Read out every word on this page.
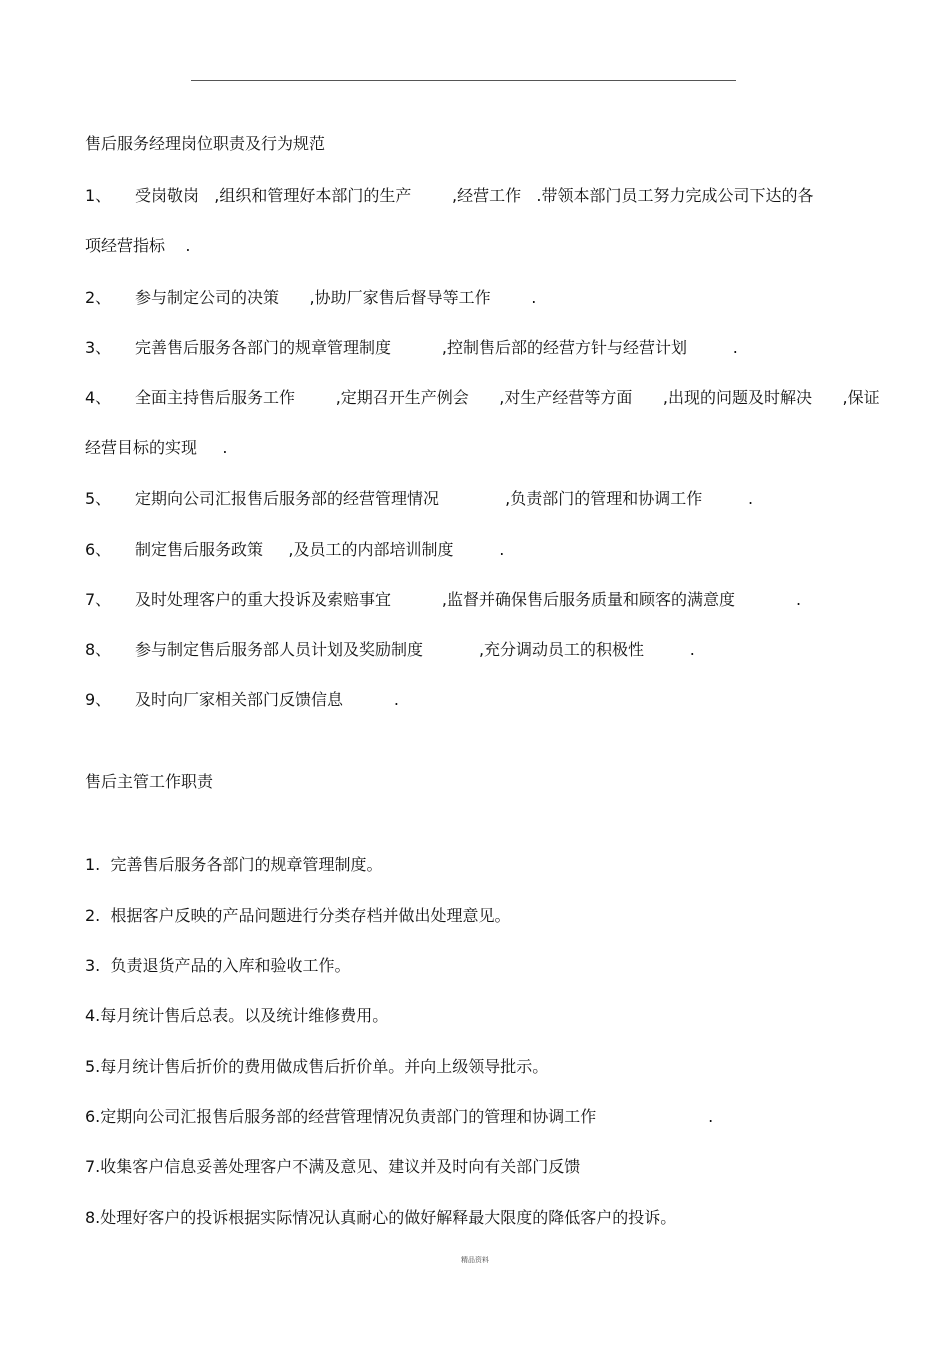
售后服务经理岗位职责及行为规范
1、 受岗敬岗   ,组织和管理好本部门的生产        ,经营工作   .带领本部门员工努力完成公司下达的各
项经营指标    .
2、 参与制定公司的决策      ,协助厂家售后督导等工作        .
3、 完善售后服务各部门的规章管理制度          ,控制售后部的经营方针与经营计划         .
4、 全面主持售后服务工作        ,定期召开生产例会      ,对生产经营等方面      ,出现的问题及时解决      ,保证
经营目标的实现     .
5、 定期向公司汇报售后服务部的经营管理情况             ,负责部门的管理和协调工作         .
6、 制定售后服务政策     ,及员工的内部培训制度         .
7、 及时处理客户的重大投诉及索赔事宜          ,监督并确保售后服务质量和顾客的满意度            .
8、 参与制定售后服务部人员计划及奖励制度           ,充分调动员工的积极性         .
9、 及时向厂家相关部门反馈信息          .
售后主管工作职责
1.  完善售后服务各部门的规章管理制度。
2.  根据客户反映的产品问题进行分类存档并做出处理意见。
3.  负责退货产品的入库和验收工作。
4.每月统计售后总表。以及统计维修费用。
5.每月统计售后折价的费用做成售后折价单。并向上级领导批示。
6.定期向公司汇报售后服务部的经营管理情况负责部门的管理和协调工作                      .
7.收集客户信息妥善处理客户不满及意见、建议并及时向有关部门反馈
8.处理好客户的投诉根据实际情况认真耐心的做好解释最大限度的降低客户的投诉。
精品资料
